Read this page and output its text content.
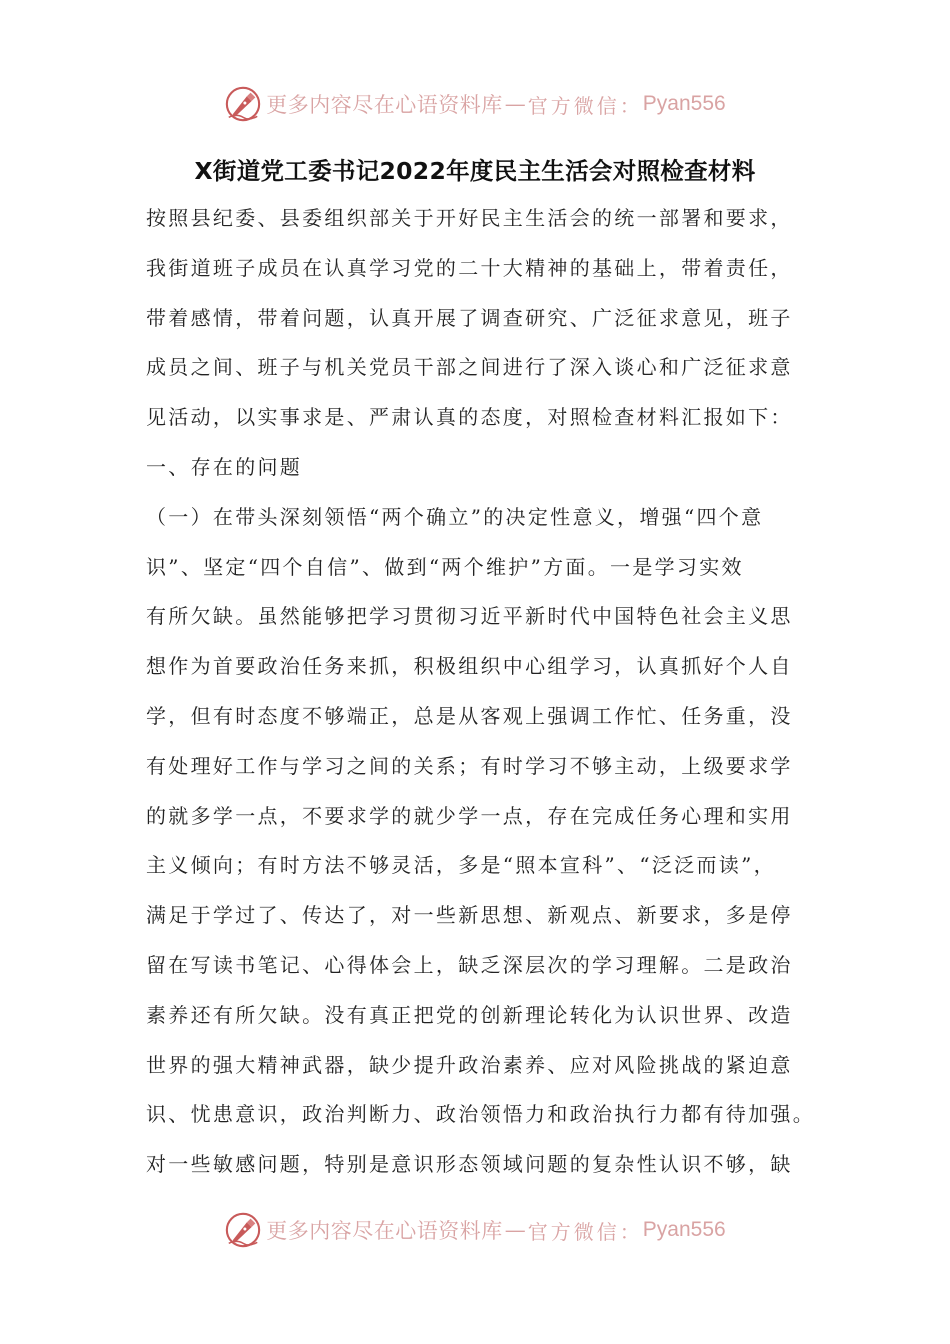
更多内容尽在心语资料库 — 官方微信： Pyan556
X街道党工委书记2022年度民主生活会对照检查材料
按照县纪委、县委组织部关于开好民主生活会的统一部署和要求，
我街道班子成员在认真学习党的二十大精神的基础上，带着责任，
带着感情，带着问题，认真开展了调查研究、广泛征求意见，班子
成员之间、班子与机关党员干部之间进行了深入谈心和广泛征求意
见活动，以实事求是、严肃认真的态度，对照检查材料汇报如下：
一、存在的问题
（一）在带头深刻领悟“两个确立”的决定性意义，增强“四个意
识”、坚定“四个自信”、做到“两个维护”方面。一是学习实效
有所欠缺。虽然能够把学习贯彻习近平新时代中国特色社会主义思
想作为首要政治任务来抓，积极组织中心组学习，认真抓好个人自
学，但有时态度不够端正，总是从客观上强调工作忙、任务重，没
有处理好工作与学习之间的关系；有时学习不够主动，上级要求学
的就多学一点，不要求学的就少学一点，存在完成任务心理和实用
主义倾向；有时方法不够灵活，多是“照本宣科”、“泛泛而读”，
满足于学过了、传达了，对一些新思想、新观点、新要求，多是停
留在写读书笔记、心得体会上，缺乏深层次的学习理解。二是政治
素养还有所欠缺。没有真正把党的创新理论转化为认识世界、改造
世界的强大精神武器，缺少提升政治素养、应对风险挑战的紧迫意
识、忧患意识，政治判断力、政治领悟力和政治执行力都有待加强。
对一些敏感问题，特别是意识形态领域问题的复杂性认识不够，缺
更多内容尽在心语资料库 — 官方微信： Pyan556
